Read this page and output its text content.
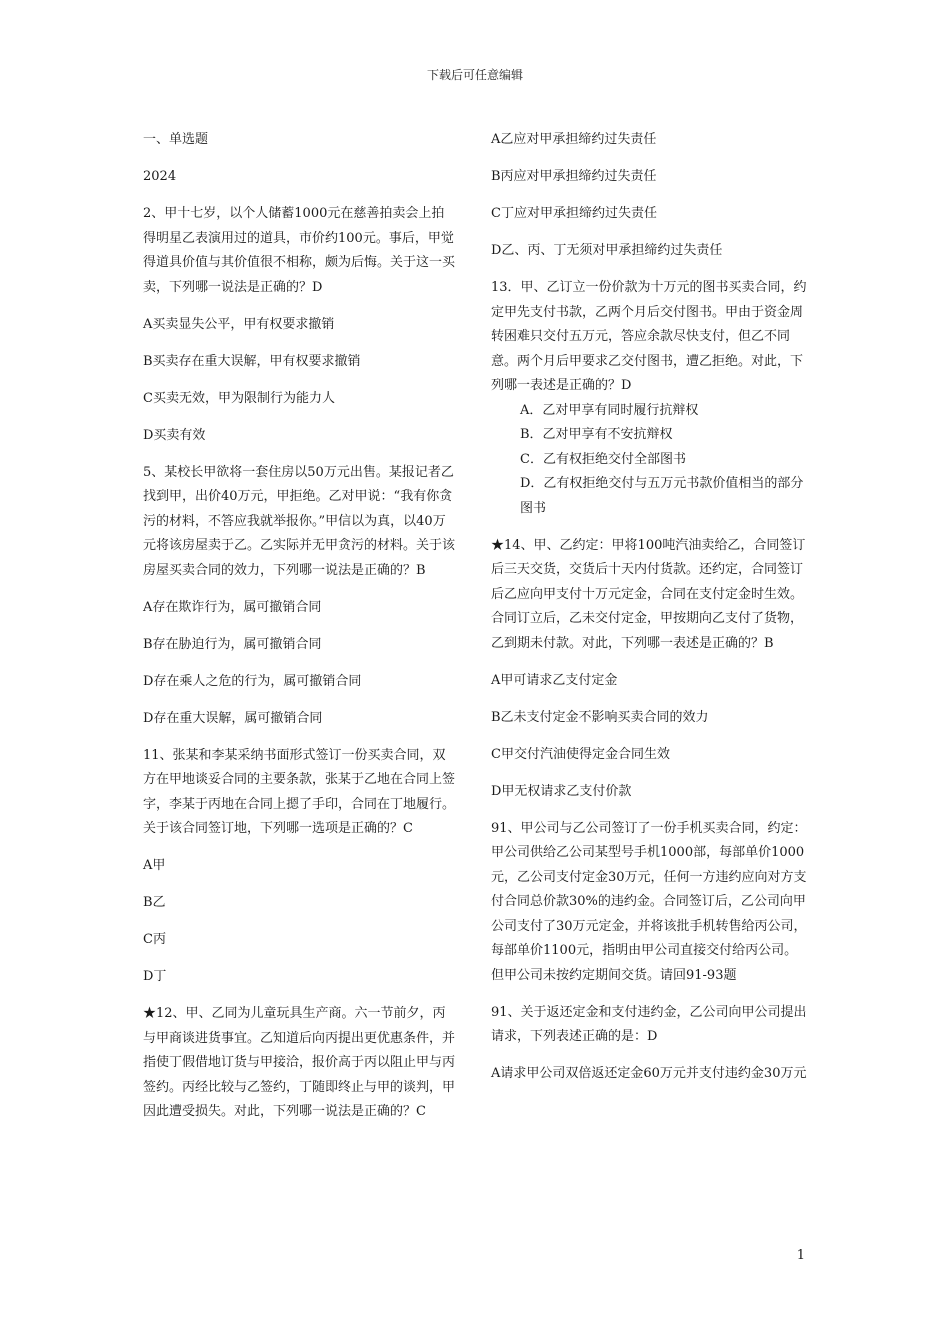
下载后可任意编辑

一、单选题

2024

2、甲十七岁，以个人储蓄1000元在慈善拍卖会上拍得明星乙表演用过的道具，市价约100元。事后，甲觉得道具价值与其价值很不相称，颇为后悔。关于这一买卖，下列哪一说法是正确的？D

A买卖显失公平，甲有权要求撤销

B买卖存在重大误解，甲有权要求撤销

C买卖无效，甲为限制行为能力人

D买卖有效

5、某校长甲欲将一套住房以50万元出售。某报记者乙找到甲，出价40万元，甲拒绝。乙对甲说：“我有你贪污的材料，不答应我就举报你。”甲信以为真，以40万元将该房屋卖于乙。乙实际并无甲贪污的材料。关于该房屋买卖合同的效力，下列哪一说法是正确的？B

A存在欺诈行为，属可撤销合同

B存在胁迫行为，属可撤销合同

D存在乘人之危的行为，属可撤销合同

D存在重大误解，属可撤销合同

11、张某和李某采纳书面形式签订一份买卖合同，双方在甲地谈妥合同的主要条款，张某于乙地在合同上签字，李某于丙地在合同上摁了手印，合同在丁地履行。关于该合同签订地，下列哪一选项是正确的？C

A甲

B乙

C丙

D丁

★12、甲、乙同为儿童玩具生产商。六一节前夕，丙与甲商谈进货事宜。乙知道后向丙提出更优惠条件，并指使丁假借地订货与甲接洽，报价高于丙以阻止甲与丙签约。丙经比较与乙签约，丁随即终止与甲的谈判，甲因此遭受损失。对此，下列哪一说法是正确的？C

A乙应对甲承担缔约过失责任

B丙应对甲承担缔约过失责任

C丁应对甲承担缔约过失责任

D乙、丙、丁无须对甲承担缔约过失责任

13．甲、乙订立一份价款为十万元的图书买卖合同，约定甲先支付书款，乙两个月后交付图书。甲由于资金周转困难只交付五万元，答应余款尽快支付，但乙不同意。两个月后甲要求乙交付图书，遭乙拒绝。对此，下列哪一表述是正确的？D

A．乙对甲享有同时履行抗辩权

B．乙对甲享有不安抗辩权

C．乙有权拒绝交付全部图书

D．乙有权拒绝交付与五万元书款价值相当的部分图书

★14、甲、乙约定：甲将100吨汽油卖给乙，合同签订后三天交货，交货后十天内付货款。还约定，合同签订后乙应向甲支付十万元定金，合同在支付定金时生效。合同订立后，乙未交付定金，甲按期向乙支付了货物，乙到期未付款。对此，下列哪一表述是正确的？B

A甲可请求乙支付定金

B乙未支付定金不影响买卖合同的效力

C甲交付汽油使得定金合同生效

D甲无权请求乙支付价款

91、甲公司与乙公司签订了一份手机买卖合同，约定：甲公司供给乙公司某型号手机1000部，每部单价1000元，乙公司支付定金30万元，任何一方违约应向对方支付合同总价款30%的违约金。合同签订后，乙公司向甲公司支付了30万元定金，并将该批手机转售给丙公司，每部单价1100元，指明由甲公司直接交付给丙公司。但甲公司未按约定期间交货。请回91-93题

91、关于返还定金和支付违约金，乙公司向甲公司提出请求，下列表述正确的是：D

A请求甲公司双倍返还定金60万元并支付违约金30万元

1
